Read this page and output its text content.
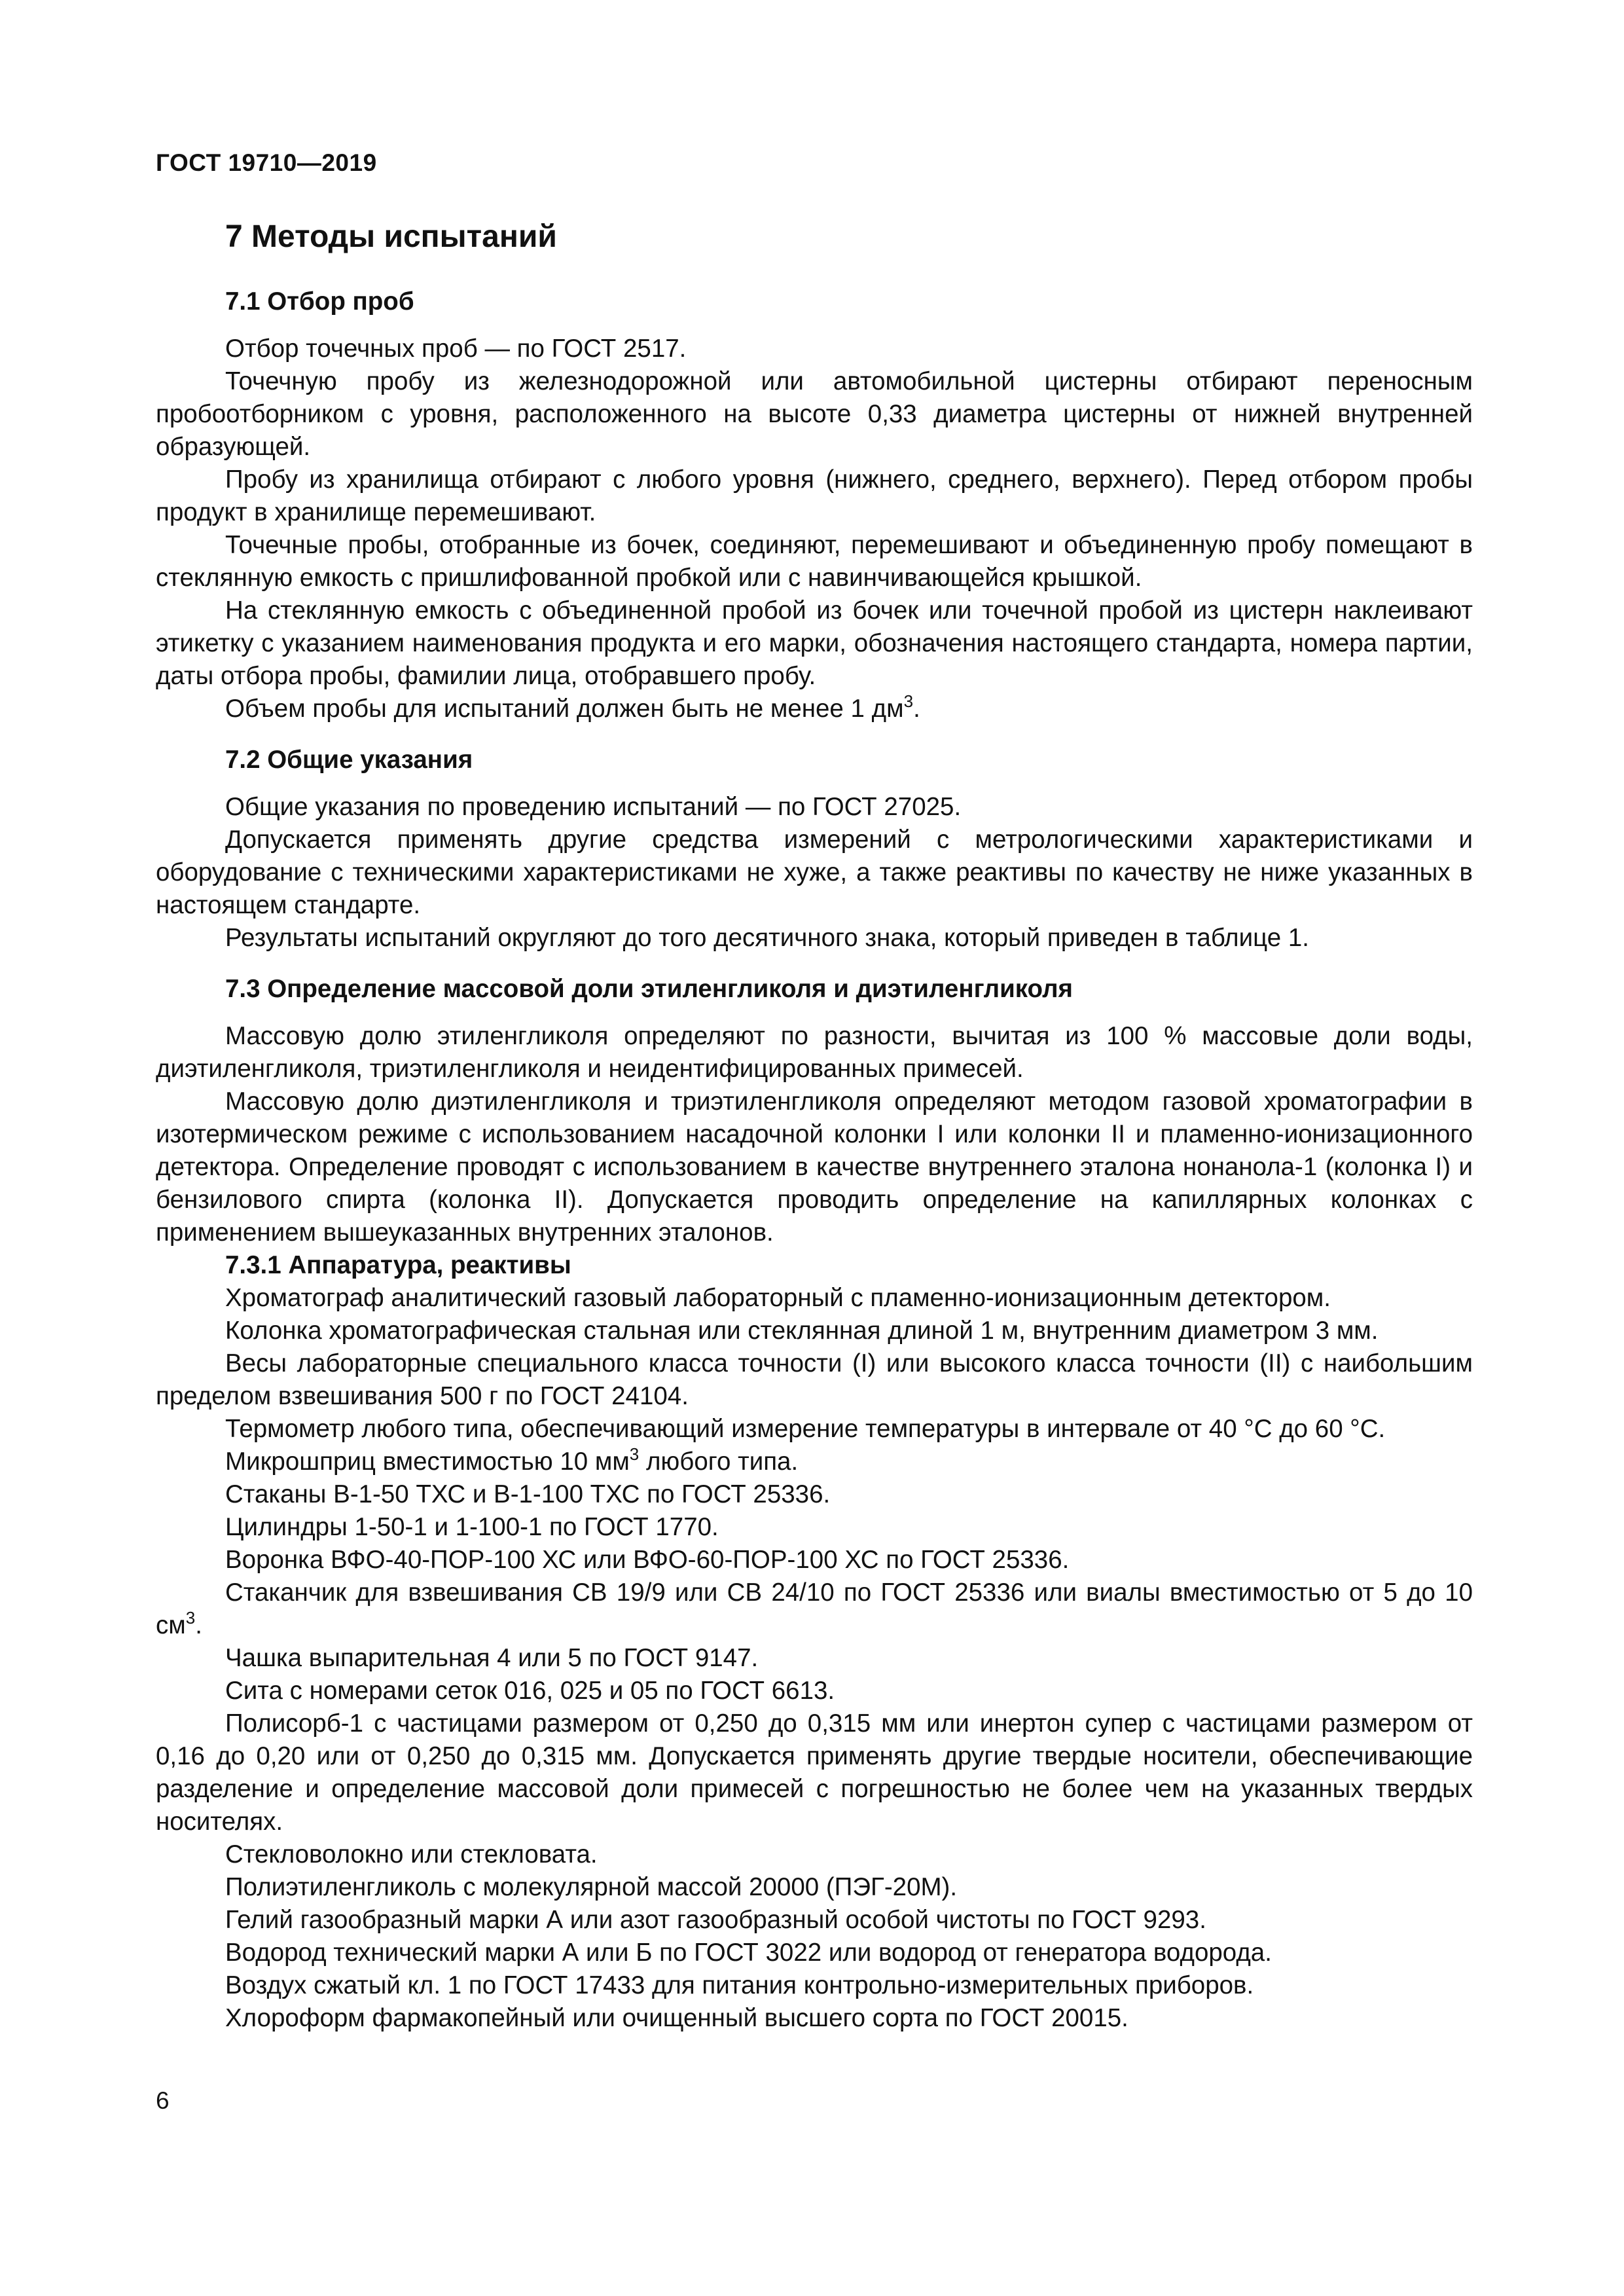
ГОСТ 19710—2019
7 Методы испытаний
7.1 Отбор проб

Отбор точечных проб — по ГОСТ 2517.

Точечную пробу из железнодорожной или автомобильной цистерны отбирают переносным пробоотборником с уровня, расположенного на высоте 0,33 диаметра цистерны от нижней внутренней образующей.

Пробу из хранилища отбирают с любого уровня (нижнего, среднего, верхнего). Перед отбором пробы продукт в хранилище перемешивают.

Точечные пробы, отобранные из бочек, соединяют, перемешивают и объединенную пробу помещают в стеклянную емкость с пришлифованной пробкой или с навинчивающейся крышкой.

На стеклянную емкость с объединенной пробой из бочек или точечной пробой из цистерн наклеивают этикетку с указанием наименования продукта и его марки, обозначения настоящего стандарта, номера партии, даты отбора пробы, фамилии лица, отобравшего пробу.

Объем пробы для испытаний должен быть не менее 1 $дм^3$.

7.2 Общие указания

Общие указания по проведению испытаний — по ГОСТ 27025.

Допускается применять другие средства измерений с метрологическими характеристиками и оборудование с техническими характеристиками не хуже, а также реактивы по качеству не ниже указанных в настоящем стандарте.

Результаты испытаний округляют до того десятичного знака, который приведен в таблице 1.

7.3 Определение массовой доли этиленгликоля и диэтиленгликоля

Массовую долю этиленгликоля определяют по разности, вычитая из 100 % массовые доли воды, диэтиленгликоля, триэтиленгликоля и неидентифицированных примесей.

Массовую долю диэтиленгликоля и триэтиленгликоля определяют методом газовой хроматографии в изотермическом режиме с использованием насадочной колонки I или колонки II и пламенно-ионизационного детектора. Определение проводят с использованием в качестве внутреннего эталона нонанола-1 (колонка I) и бензилового спирта (колонка II). Допускается проводить определение на капиллярных колонках с применением вышеуказанных внутренних эталонов.

7.3.1 Аппаратура, реактивы

Хроматограф аналитический газовый лабораторный с пламенно-ионизационным детектором.

Колонка хроматографическая стальная или стеклянная длиной 1 м, внутренним диаметром 3 мм.

Весы лабораторные специального класса точности (I) или высокого класса точности (II) с наибольшим пределом взвешивания 500 г по ГОСТ 24104.

Термометр любого типа, обеспечивающий измерение температуры в интервале от 40 °C до 60 °C.

Микрошприц вместимостью 10 $мм^3$ любого типа.

Стаканы В-1-50 ТХС и В-1-100 ТХС по ГОСТ 25336.

Цилиндры 1-50-1 и 1-100-1 по ГОСТ 1770.

Воронка ВФО-40-ПОР-100 ХС или ВФО-60-ПОР-100 ХС по ГОСТ 25336.

Стаканчик для взвешивания СВ 19/9 или СВ 24/10 по ГОСТ 25336 или виалы вместимостью от 5 до 10 $см^3$.

Чашка выпарительная 4 или 5 по ГОСТ 9147.

Сита с номерами сеток 016, 025 и 05 по ГОСТ 6613.

Полисорб-1 с частицами размером от 0,250 до 0,315 мм или инертон супер с частицами размером от 0,16 до 0,20 или от 0,250 до 0,315 мм. Допускается применять другие твердые носители, обеспечивающие разделение и определение массовой доли примесей с погрешностью не более чем на указанных твердых носителях.

Стекловолокно или стекловата.

Полиэтиленгликоль с молекулярной массой 20000 (ПЭГ-20М).

Гелий газообразный марки А или азот газообразный особой чистоты по ГОСТ 9293.

Водород технический марки А или Б по ГОСТ 3022 или водород от генератора водорода.

Воздух сжатый кл. 1 по ГОСТ 17433 для питания контрольно-измерительных приборов.

Хлороформ фармакопейный или очищенный высшего сорта по ГОСТ 20015.

6
